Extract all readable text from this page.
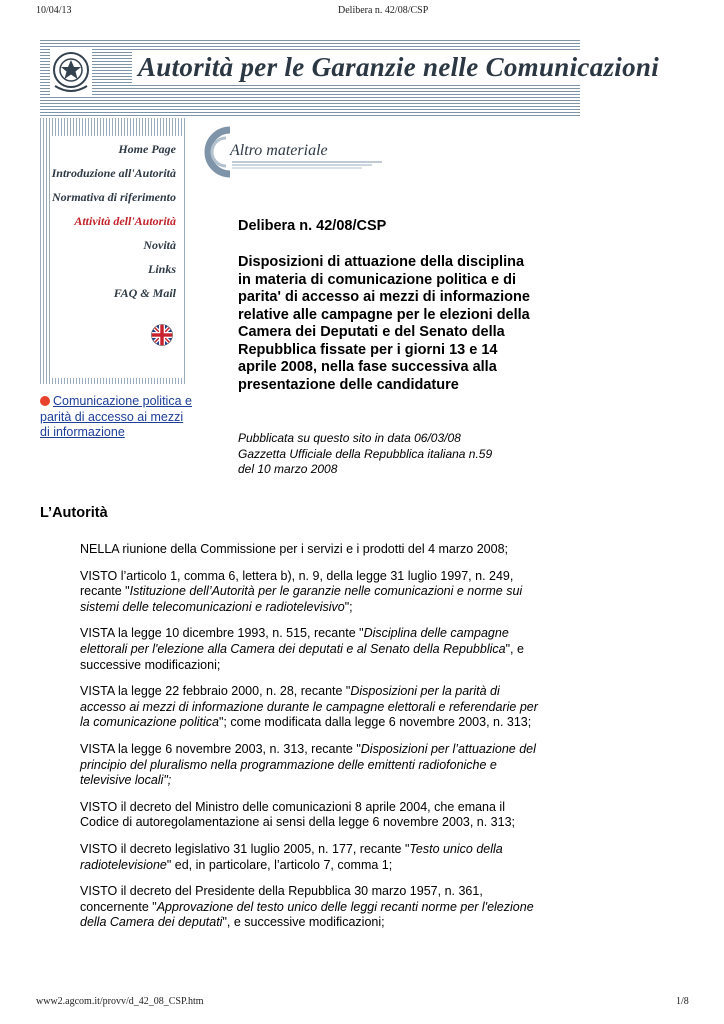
10/04/13	Delibera n. 42/08/CSP
www2.agcom.it/provv/d_42_08_CSP.htm	1/8
Autorità per le Garanzie nelle Comunicazioni
Home Page
Introduzione all'Autorità
Normativa di riferimento
Attività dell'Autorità
Novità
Links
FAQ & Mail
Comunicazione politica e parità di accesso ai mezzi di informazione
Altro materiale
Delibera n. 42/08/CSP
Disposizioni di attuazione della disciplina in materia di comunicazione politica e di parita' di accesso ai mezzi di informazione relative alle campagne per le elezioni della Camera dei Deputati e del Senato della Repubblica fissate per i giorni 13 e 14 aprile 2008, nella fase successiva alla presentazione delle candidature
Pubblicata su questo sito in data 06/03/08
Gazzetta Ufficiale della Repubblica italiana n.59
del 10 marzo 2008
L’Autorità

NELLA riunione della Commissione per i servizi e i prodotti del 4 marzo 2008;

VISTO l’articolo 1, comma 6, lettera b), n. 9, della legge 31 luglio 1997, n. 249, recante "Istituzione dell’Autorità per le garanzie nelle comunicazioni e norme sui sistemi delle telecomunicazioni e radiotelevisivo";

VISTA la legge 10 dicembre 1993, n. 515, recante "Disciplina delle campagne elettorali per l'elezione alla Camera dei deputati e al Senato della Repubblica", e successive modificazioni;

VISTA la legge 22 febbraio 2000, n. 28, recante "Disposizioni per la parità di accesso ai mezzi di informazione durante le campagne elettorali e referendarie per la comunicazione politica"; come modificata dalla legge 6 novembre 2003, n. 313;

VISTA la legge 6 novembre 2003, n. 313, recante "Disposizioni per l’attuazione del principio del pluralismo nella programmazione delle emittenti radiofoniche e televisive locali";

VISTO il decreto del Ministro delle comunicazioni 8 aprile 2004, che emana il Codice di autoregolamentazione ai sensi della legge 6 novembre 2003, n. 313;

VISTO il decreto legislativo 31 luglio 2005, n. 177, recante "Testo unico della radiotelevisione" ed, in particolare, l’articolo 7, comma 1;

VISTO il decreto del Presidente della Repubblica 30 marzo 1957, n. 361, concernente "Approvazione del testo unico delle leggi recanti norme per l'elezione della Camera dei deputati", e successive modificazioni;
